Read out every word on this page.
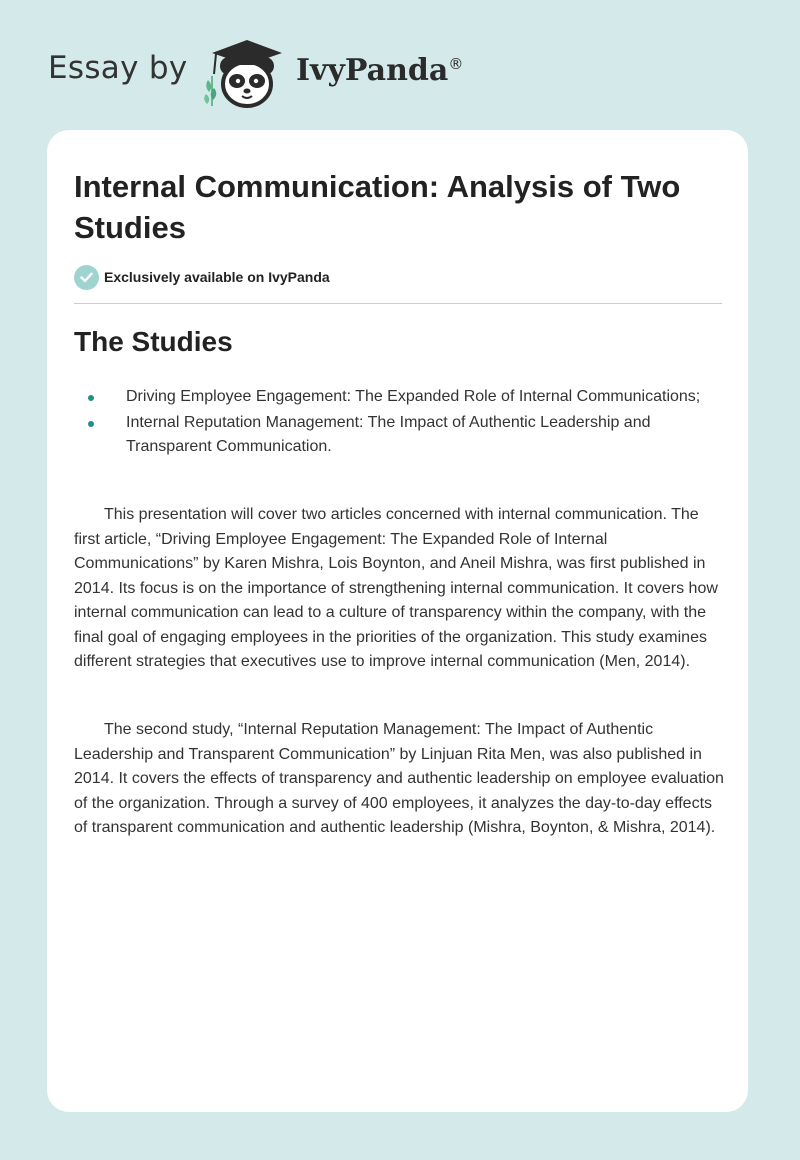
Essay by	IvyPanda®
Internal Communication: Analysis of Two Studies
Exclusively available on IvyPanda
The Studies
Driving Employee Engagement: The Expanded Role of Internal Communications;
Internal Reputation Management: The Impact of Authentic Leadership and Transparent Communication.

This presentation will cover two articles concerned with internal communication. The first article, “Driving Employee Engagement: The Expanded Role of Internal Communications” by Karen Mishra, Lois Boynton, and Aneil Mishra, was first published in 2014. Its focus is on the importance of strengthening internal communication. It covers how internal communication can lead to a culture of transparency within the company, with the final goal of engaging employees in the priorities of the organization. This study examines different strategies that executives use to improve internal communication (Men, 2014).

The second study, “Internal Reputation Management: The Impact of Authentic Leadership and Transparent Communication” by Linjuan Rita Men, was also published in 2014. It covers the effects of transparency and authentic leadership on employee evaluation of the organization. Through a survey of 400 employees, it analyzes the day-to-day effects of transparent communication and authentic leadership (Mishra, Boynton, & Mishra, 2014).
